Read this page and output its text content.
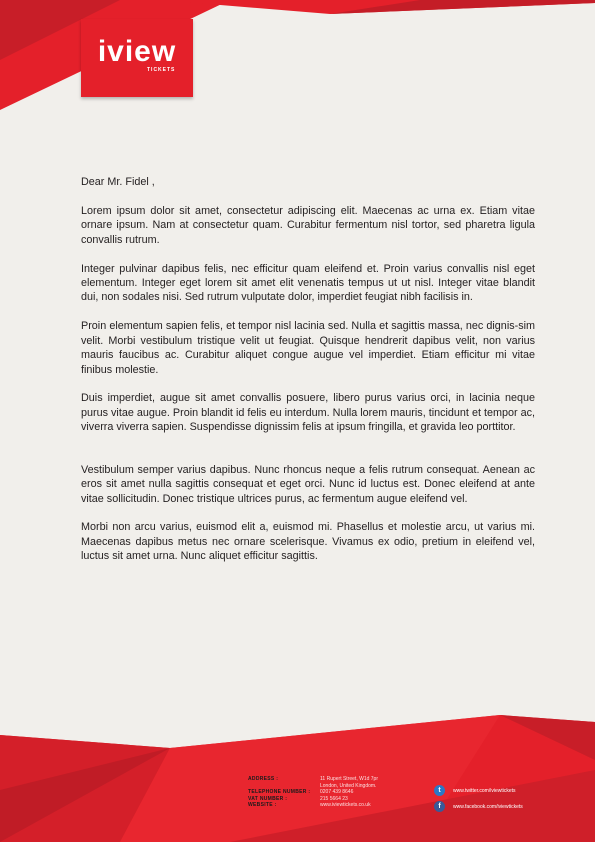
iview
TICKETS

Dear Mr. Fidel ,

Lorem ipsum dolor sit amet, consectetur adipiscing elit. Maecenas ac urna ex. Etiam vitae ornare ipsum. Nam at consectetur quam. Curabitur fermentum nisl tortor, sed pharetra ligula convallis rutrum.

Integer pulvinar dapibus felis, nec efficitur quam eleifend et. Proin varius convallis nisl eget elementum. Integer eget lorem sit amet elit venenatis tempus ut ut nisl. Integer vitae blandit dui, non sodales nisi. Sed rutrum vulputate dolor, imperdiet feugiat nibh facilisis in.

Proin elementum sapien felis, et tempor nisl lacinia sed. Nulla et sagittis massa, nec dignis-sim velit. Morbi vestibulum tristique velit ut feugiat. Quisque hendrerit dapibus velit, non varius mauris faucibus ac. Curabitur aliquet congue augue vel imperdiet. Etiam efficitur mi vitae finibus molestie.

Duis imperdiet, augue sit amet convallis posuere, libero purus varius orci, in lacinia neque purus vitae augue. Proin blandit id felis eu interdum. Nulla lorem mauris, tincidunt et tempor ac, viverra viverra sapien. Suspendisse dignissim felis at ipsum fringilla, et gravida leo porttitor.

Vestibulum semper varius dapibus. Nunc rhoncus neque a felis rutrum consequat. Aenean ac eros sit amet nulla sagittis consequat et eget orci. Nunc id luctus est. Donec eleifend at ante vitae sollicitudin. Donec tristique ultrices purus, ac fermentum augue eleifend vel.

Morbi non arcu varius, euismod elit a, euismod mi. Phasellus et molestie arcu, ut varius mi. Maecenas dapibus metus nec ornare scelerisque. Vivamus ex odio, pretium in eleifend vel, luctus sit amet urna. Nunc aliquet efficitur sagittis.

ADDRESS :	11 Rupert Street, W1d 7pr
London, United Kingdom.
TELEPHONE NUMBER :	0207 439 8646
VAT NUMBER :	215 5664 23
WEBSITE :	www.iviewtickets.co.uk
t	www.twitter.com/iviewtickets
f	www.facebook.com/iviewtickets
